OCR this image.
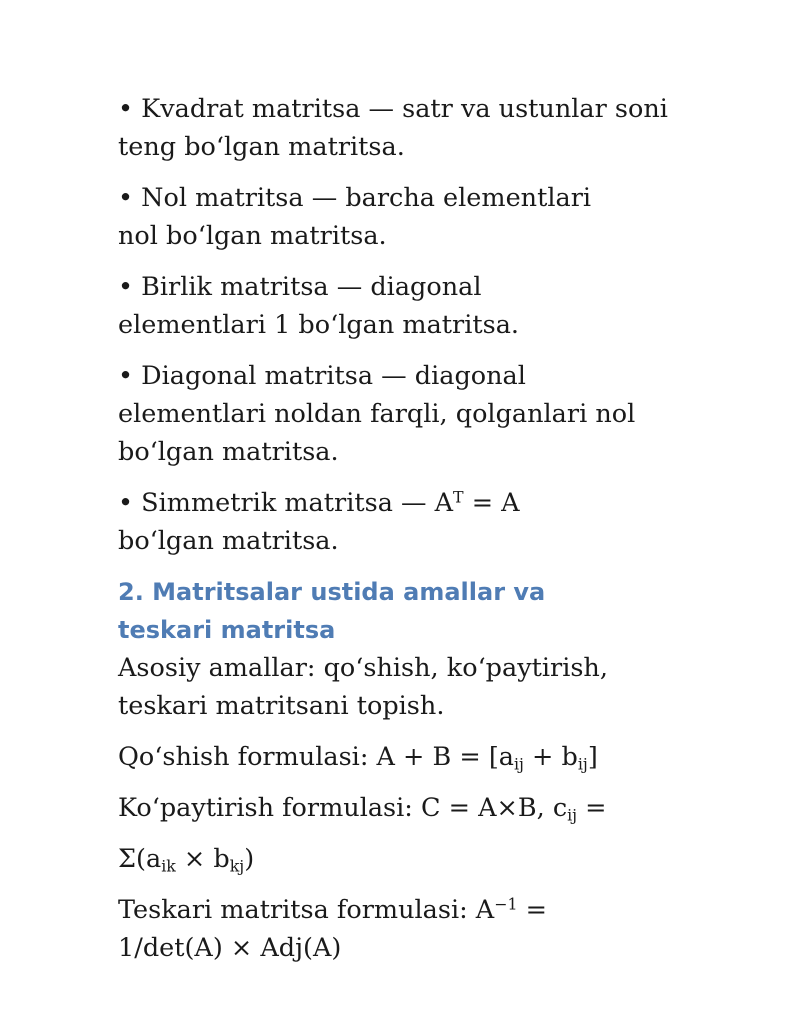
• Kvadrat matritsa — satr va ustunlar soni teng bo‘lgan matritsa.

• Nol matritsa — barcha elementlari nol bo‘lgan matritsa.

• Birlik matritsa — diagonal elementlari 1 bo‘lgan matritsa.

• Diagonal matritsa — diagonal elementlari noldan farqli, qolganlari nol bo‘lgan matritsa.

• Simmetrik matritsa — $A^T = A$ bo‘lgan matritsa.

2. Matritsalar ustida amallar va teskari matritsa

Asosiy amallar: qo‘shish, ko‘paytirish, teskari matritsani topish.

Qo‘shish formulasi: $A + B = [a_{ij} + b_{ij}]$

Ko‘paytirish formulasi: C = A×B, $c_{ij}$ =

$\Sigma(a_{ik} \times b_{kj})$

Teskari matritsa formulasi: $A^{-1} = 1/\det(A) \times Adj(A)$
